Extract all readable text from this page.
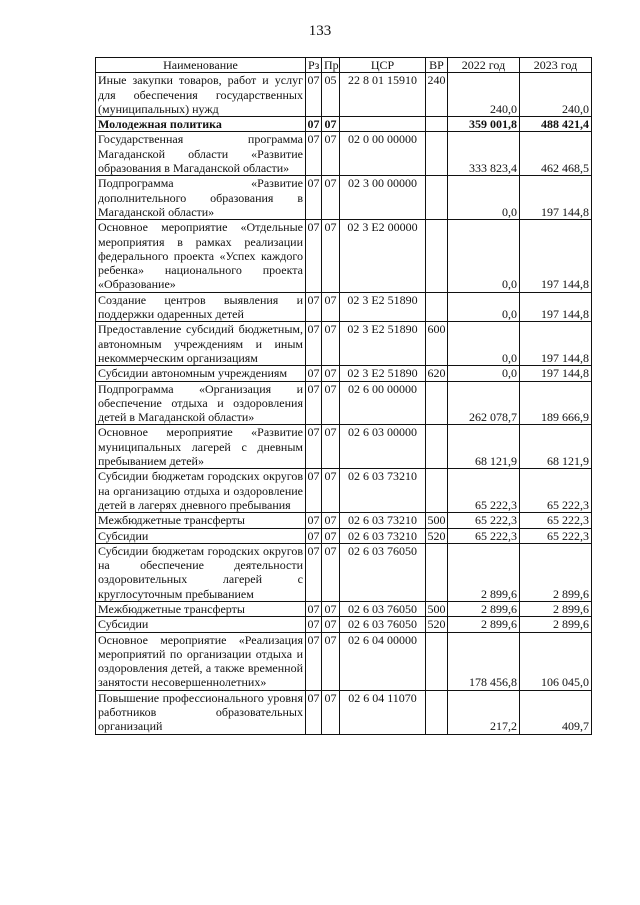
133
Наименование	Рз	Пр	ЦСР	ВР	2022 год	2023 год
Иные закупки товаров, работ и услуг для обеспечения государственных (муниципальных) нужд	07	05	22 8 01 15910	240	240,0	240,0
Молодежная политика	07	07			359 001,8	488 421,4
Государственная программа Магаданской области «Развитие образования в Магаданской области»	07	07	02 0 00 00000		333 823,4	462 468,5
Подпрограмма «Развитие дополнительного образования в Магаданской области»	07	07	02 3 00 00000		0,0	197 144,8
Основное мероприятие «Отдельные мероприятия в рамках реализации федерального проекта «Успех каждого ребенка» национального проекта «Образование»	07	07	02 3 E2 00000		0,0	197 144,8
Создание центров выявления и поддержки одаренных детей	07	07	02 3 E2 51890		0,0	197 144,8
Предоставление субсидий бюджетным, автономным учреждениям и иным некоммерческим организациям	07	07	02 3 E2 51890	600	0,0	197 144,8
Субсидии автономным учреждениям	07	07	02 3 E2 51890	620	0,0	197 144,8
Подпрограмма «Организация и обеспечение отдыха и оздоровления детей в Магаданской области»	07	07	02 6 00 00000		262 078,7	189 666,9
Основное мероприятие «Развитие муниципальных лагерей с дневным пребыванием детей»	07	07	02 6 03 00000		68 121,9	68 121,9
Субсидии бюджетам городских округов на организацию отдыха и оздоровление детей в лагерях дневного пребывания	07	07	02 6 03 73210		65 222,3	65 222,3
Межбюджетные трансферты	07	07	02 6 03 73210	500	65 222,3	65 222,3
Субсидии	07	07	02 6 03 73210	520	65 222,3	65 222,3
Субсидии бюджетам городских округов на обеспечение деятельности оздоровительных лагерей с круглосуточным пребыванием	07	07	02 6 03 76050		2 899,6	2 899,6
Межбюджетные трансферты	07	07	02 6 03 76050	500	2 899,6	2 899,6
Субсидии	07	07	02 6 03 76050	520	2 899,6	2 899,6
Основное мероприятие «Реализация мероприятий по организации отдыха и оздоровления детей, а также временной занятости несовершеннолетних»	07	07	02 6 04 00000		178 456,8	106 045,0
Повышение профессионального уровня работников образовательных организаций	07	07	02 6 04 11070		217,2	409,7
